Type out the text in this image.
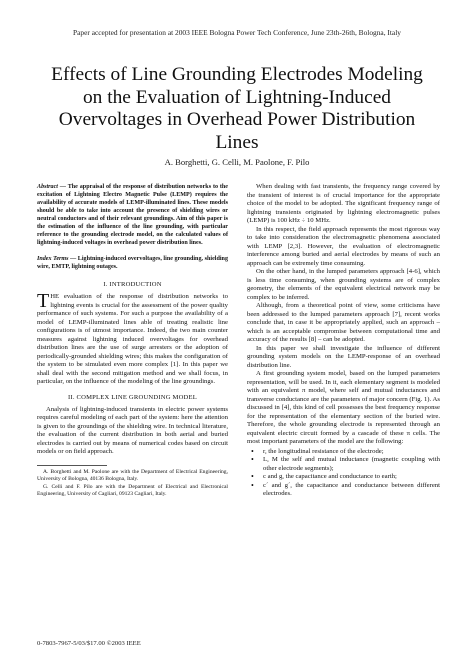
Paper accepted for presentation at 2003 IEEE Bologna Power Tech Conference, June 23th-26th, Bologna, Italy
Effects of Line Grounding Electrodes Modeling
on the Evaluation of Lightning-Induced
Overvoltages in Overhead Power Distribution
Lines
A. Borghetti, G. Celli, M. Paolone, F. Pilo

Abstract — The appraisal of the response of distribution networks to the excitation of Lightning Electro Magnetic Pulse (LEMP) requires the availability of accurate models of LEMP-illuminated lines. These models should be able to take into account the presence of shielding wires or neutral conductors and of their relevant groundings. Aim of this paper is the estimation of the influence of the line grounding, with particular reference to the grounding electrode model, on the calculated values of lightning-induced voltages in overhead power distribution lines.

Index Terms — Lightning-induced overvoltages, line grounding, shielding wire, EMTP, lightning outages.

I. INTRODUCTION

THE evaluation of the response of distribution networks to lightning events is crucial for the assessment of the power quality performance of such systems. For such a purpose the availability of a model of LEMP-illuminated lines able of treating realistic line configurations is of utmost importance. Indeed, the two main counter measures against lightning induced overvoltages for overhead distribution lines are the use of surge arresters or the adoption of periodically-grounded shielding wires; this makes the configuration of the system to be simulated even more complex [1]. In this paper we shall deal with the second mitigation method and we shall focus, in particular, on the influence of the modeling of the line groundings.

II. COMPLEX LINE GROUNDING MODEL

Analysis of lightning-induced transients in electric power systems requires careful modeling of each part of the system: here the attention is given to the groundings of the shielding wire. In technical literature, the evaluation of the current distribution in both aerial and buried electrodes is carried out by means of numerical codes based on circuit models or on field approach.

A. Borghetti and M. Paolone are with the Department of Electrical Engineering, University of Bologna, 40136 Bologna, Italy.

G. Celli and F. Pilo are with the Department of Electrical and Electronical Engineering, University of Cagliari, 09123 Cagliari, Italy.

When dealing with fast transients, the frequency range covered by the transient of interest is of crucial importance for the appropriate choice of the model to be adopted. The significant frequency range of lightning transients originated by lightning electromagnetic pulses (LEMP) is 100 kHz ÷ 10 MHz.

In this respect, the field approach represents the most rigorous way to take into consideration the electromagnetic phenomena associated with LEMP [2,3]. However, the evaluation of electromagnetic interference among buried and aerial electrodes by means of such an approach can be extremely time consuming.

On the other hand, in the lumped parameters approach [4-6], which is less time consuming, when grounding systems are of complex geometry, the elements of the equivalent electrical network may be complex to be inferred.

Although, from a theoretical point of view, some criticisms have been addressed to the lumped parameters approach [7], recent works conclude that, in case it be appropriately applied, such an approach – which is an acceptable compromise between computational time and accuracy of the results [8] – can be adopted.

In this paper we shall investigate the influence of different grounding system models on the LEMP-response of an overhead distribution line.

A first grounding system model, based on the lumped parameters representation, will be used. In it, each elementary segment is modeled with an equivalent π model, where self and mutual inductances and transverse conductance are the parameters of major concern (Fig. 1). As discussed in [4], this kind of cell possesses the best frequency response for the representation of the elementary section of the buried wire. Therefore, the whole grounding electrode is represented through an equivalent electric circuit formed by a cascade of these π cells. The most important parameters of the model are the following:

• r, the longitudinal resistance of the electrode;
• L, M the self and mutual inductance (magnetic coupling with other electrode segments);
• c and g, the capacitance and conductance to earth;
• c´ and g´, the capacitance and conductance between different electrodes.
0-7803-7967-5/03/$17.00 ©2003 IEEE
